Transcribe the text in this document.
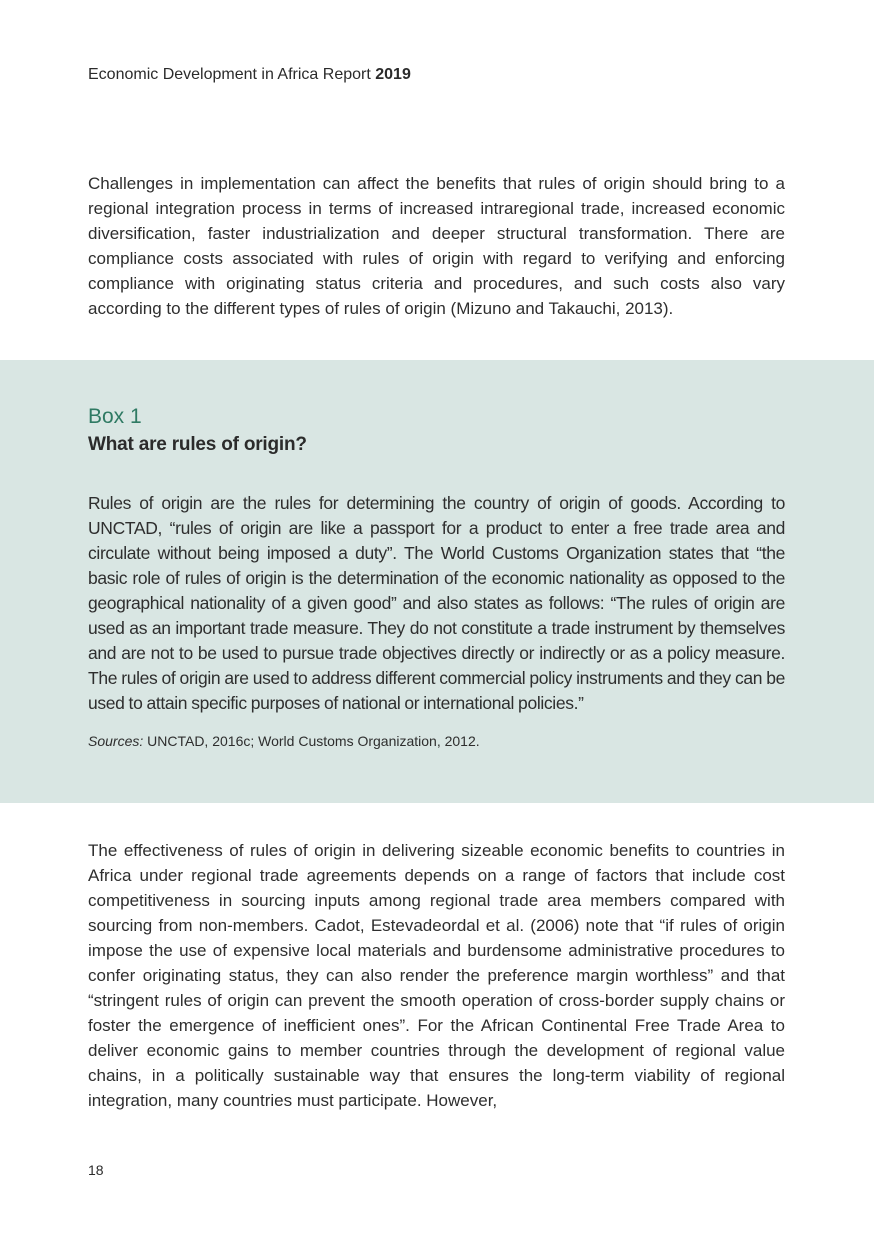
Economic Development in Africa Report 2019

Challenges in implementation can affect the benefits that rules of origin should bring to a regional integration process in terms of increased intraregional trade, increased economic diversification, faster industrialization and deeper structural transformation. There are compliance costs associated with rules of origin with regard to verifying and enforcing compliance with originating status criteria and procedures, and such costs also vary according to the different types of rules of origin (Mizuno and Takauchi, 2013).

Box 1
What are rules of origin?

Rules of origin are the rules for determining the country of origin of goods. According to UNCTAD, “rules of origin are like a passport for a product to enter a free trade area and circulate without being imposed a duty”. The World Customs Organization states that “the basic role of rules of origin is the determination of the economic nationality as opposed to the geographical nationality of a given good” and also states as follows: “The rules of origin are used as an important trade measure. They do not constitute a trade instrument by themselves and are not to be used to pursue trade objectives directly or indirectly or as a policy measure. The rules of origin are used to address different commercial policy instruments and they can be used to attain specific purposes of national or international policies.”

Sources: UNCTAD, 2016c; World Customs Organization, 2012.

The effectiveness of rules of origin in delivering sizeable economic benefits to countries in Africa under regional trade agreements depends on a range of factors that include cost competitiveness in sourcing inputs among regional trade area members compared with sourcing from non-members. Cadot, Estevadeordal et al. (2006) note that “if rules of origin impose the use of expensive local materials and burdensome administrative procedures to confer originating status, they can also render the preference margin worthless” and that “stringent rules of origin can prevent the smooth operation of cross-border supply chains or foster the emergence of inefficient ones”. For the African Continental Free Trade Area to deliver economic gains to member countries through the development of regional value chains, in a politically sustainable way that ensures the long-term viability of regional integration, many countries must participate. However,

18
